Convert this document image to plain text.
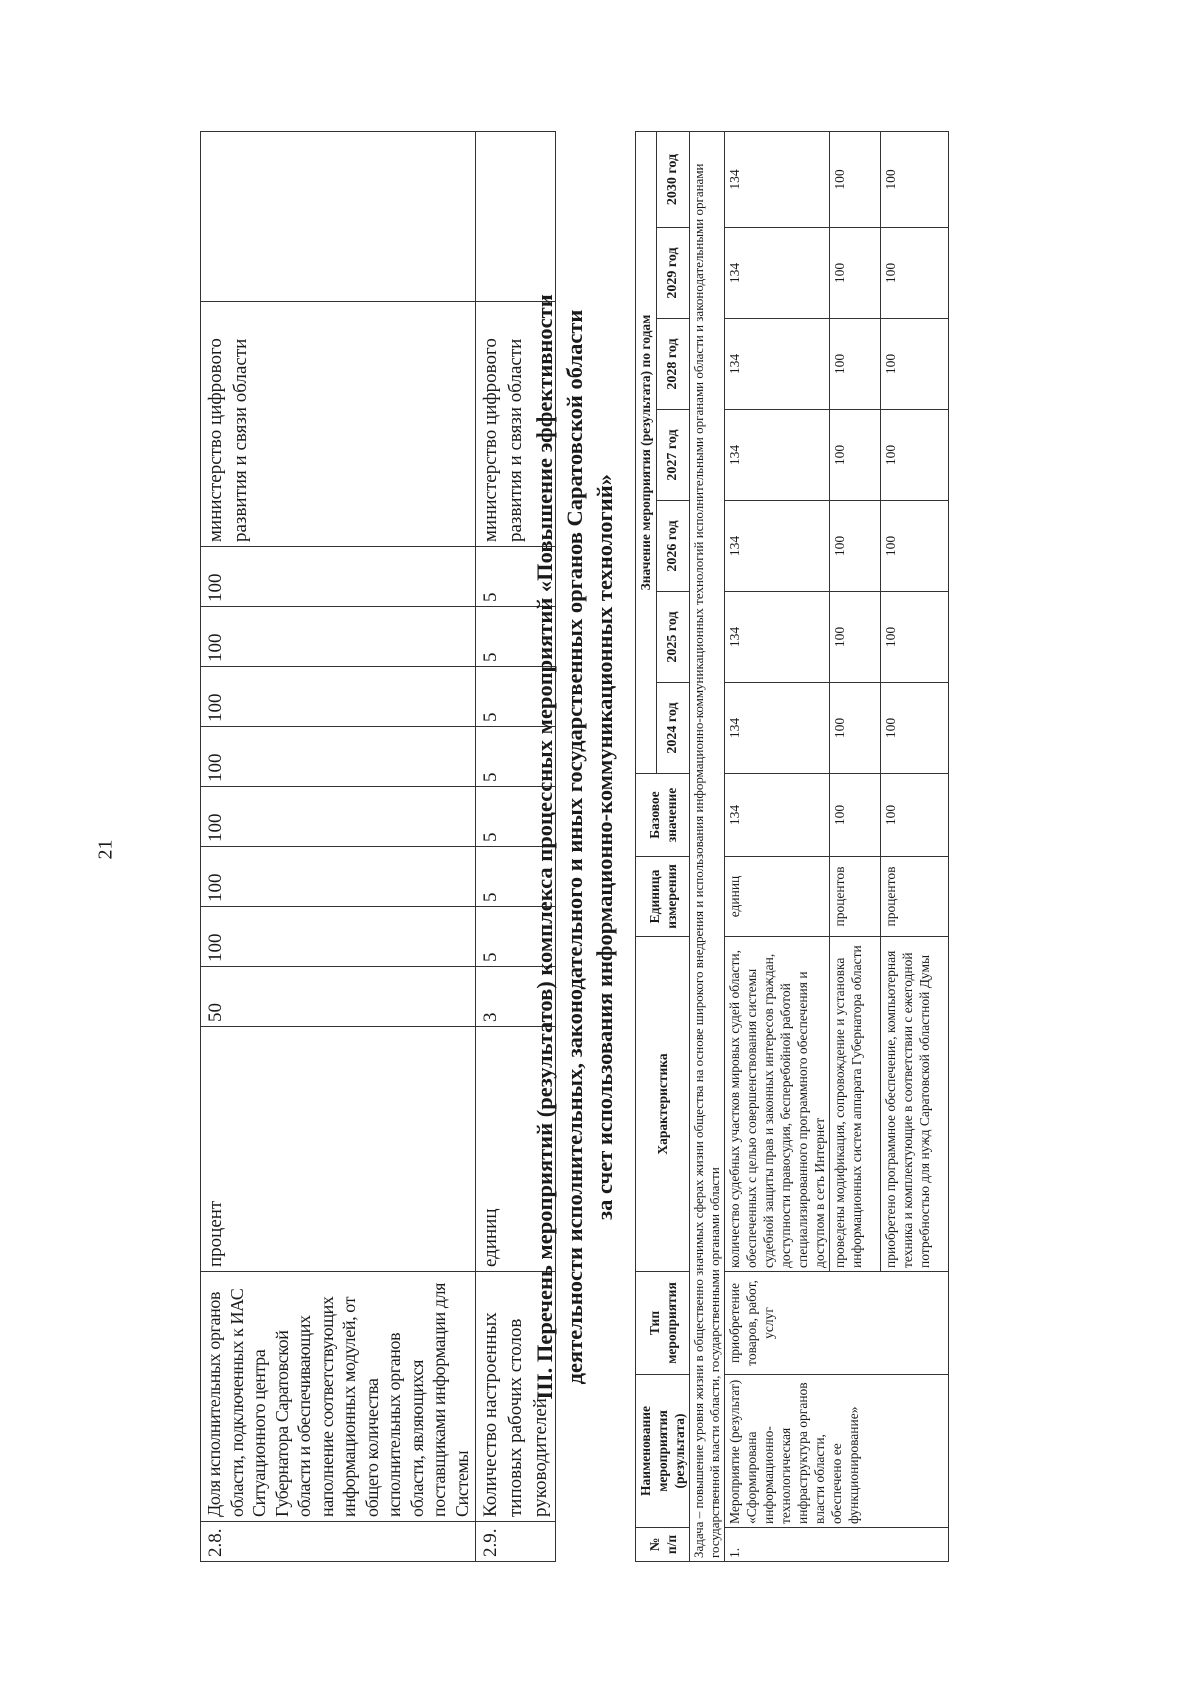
21
2.8.	Доля исполнительных органов области, подключенных к ИАС Ситуационного центра Губернатора Саратовской области и обеспечивающих наполнение соответствующих информационных модулей, от общего количества исполнительных органов области, являющихся поставщиками информации для Системы	процент	50	100	100	100	100	100	100	100	министерство цифрового развития и связи области	
2.9.	Количество настроенных типовых рабочих столов руководителей	единиц	3	5	5	5	5	5	5	5	министерство цифрового развития и связи области	III. Перечень мероприятий (результатов) комплекса процессных мероприятий «Повышение эффективности деятельности исполнительных, законодательного и иных государственных органов Саратовской области за счет использования информационно-коммуникационных технологий»
№ п/п	Наименование мероприятия (результата)	Тип мероприятия	Характеристика	Единица измерения	Базовое значение	Значение мероприятия (результата) по годам						
						2024 год	2025 год	2026 год	2027 год	2028 год	2029 год	2030 год
Задача – повышение уровня жизни в общественно значимых сферах жизни общества на основе широкого внедрения и использования информационно-коммуникационных технологий исполнительными органами области и законодательными органами государственной власти области, государственными органами области												
1.	Мероприятие (результат) «Сформирована информационно-технологическая инфраструктура органов власти области, обеспечено ее функционирование»	приобретение товаров, работ, услуг	количество судебных участков мировых судей области, обеспеченных с целью совершенствования системы судебной защиты прав и законных интересов граждан, доступности правосудия, бесперебойной работой специализированного программного обеспечения и доступом в сеть Интернет	единиц	134	134	134	134	134	134	134	134
			проведены модификация, сопровождение и установка информационных систем аппарата Губернатора области	процентов	100	100	100	100	100	100	100	100
			приобретено программное обеспечение, компьютерная техника и комплектующие в соответствии с ежегодной потребностью для нужд Саратовской областной Думы	процентов	100	100	100	100	100	100	100	100
